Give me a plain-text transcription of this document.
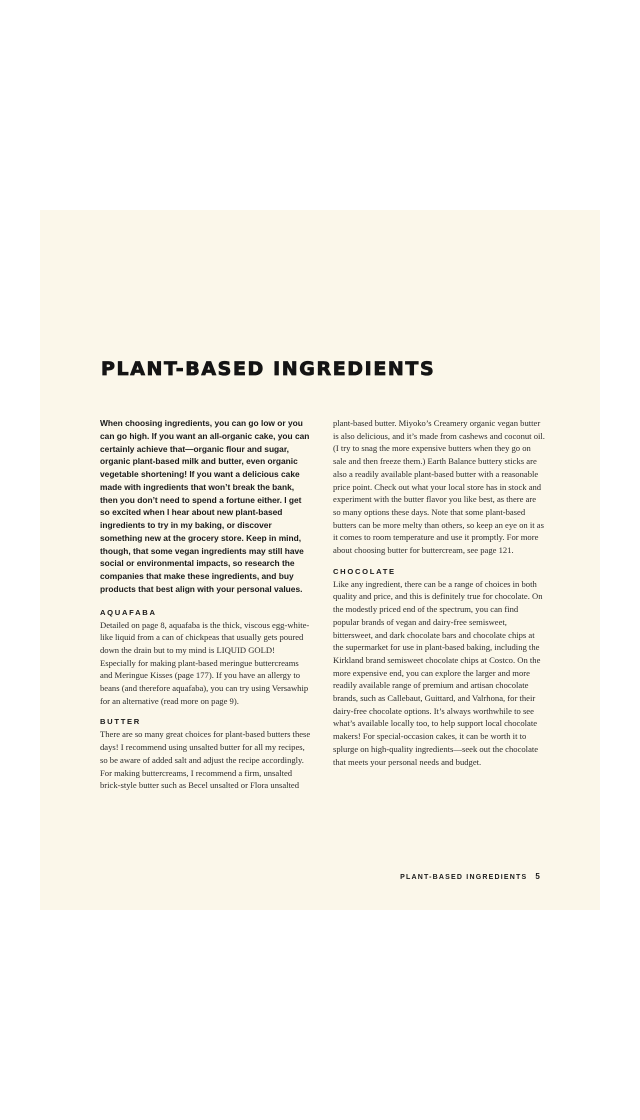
PLANT-BASED INGREDIENTS

When choosing ingredients, you can go low or you can go high. If you want an all-organic cake, you can certainly achieve that—organic flour and sugar, organic plant-based milk and butter, even organic vegetable shortening! If you want a delicious cake made with ingredients that won’t break the bank, then you don’t need to spend a fortune either. I get so excited when I hear about new plant-based ingredients to try in my baking, or discover something new at the grocery store. Keep in mind, though, that some vegan ingredients may still have social or environmental impacts, so research the companies that make these ingredients, and buy products that best align with your personal values.

AQUAFABA

Detailed on page 8, aquafaba is the thick, viscous egg-white-like liquid from a can of chickpeas that usually gets poured down the drain but to my mind is LIQUID GOLD! Especially for making plant-based meringue buttercreams and Meringue Kisses (page 177). If you have an allergy to beans (and therefore aquafaba), you can try using Versawhip for an alternative (read more on page 9).

BUTTER

There are so many great choices for plant-based butters these days! I recommend using unsalted butter for all my recipes, so be aware of added salt and adjust the recipe accordingly. For making buttercreams, I recommend a firm, unsalted brick-style butter such as Becel unsalted or Flora unsalted

plant-based butter. Miyoko’s Creamery organic vegan butter is also delicious, and it’s made from cashews and coconut oil. (I try to snag the more expensive butters when they go on sale and then freeze them.) Earth Balance buttery sticks are also a readily available plant-based butter with a reasonable price point. Check out what your local store has in stock and experiment with the butter flavor you like best, as there are so many options these days. Note that some plant-based butters can be more melty than others, so keep an eye on it as it comes to room temperature and use it promptly. For more about choosing butter for buttercream, see page 121.

CHOCOLATE

Like any ingredient, there can be a range of choices in both quality and price, and this is definitely true for chocolate. On the modestly priced end of the spectrum, you can find popular brands of vegan and dairy-free semisweet, bittersweet, and dark chocolate bars and chocolate chips at the supermarket for use in plant-based baking, including the Kirkland brand semisweet chocolate chips at Costco. On the more expensive end, you can explore the larger and more readily available range of premium and artisan chocolate brands, such as Callebaut, Guittard, and Valrhona, for their dairy-free chocolate options. It’s always worthwhile to see what’s available locally too, to help support local chocolate makers! For special-occasion cakes, it can be worth it to splurge on high-quality ingredients—seek out the chocolate that meets your personal needs and budget.

PLANT-BASED INGREDIENTS 5
